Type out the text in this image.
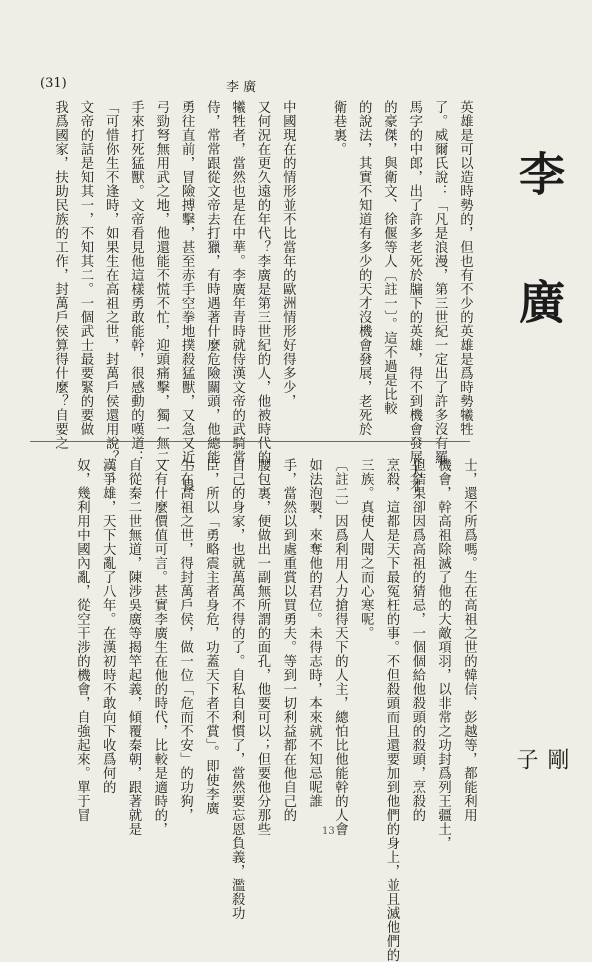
(31)	李 廣
李 廣
剛 子
英雄是可以造時勢的，但也有不少的英雄是爲時勢犧牲
了。威爾氏說：「凡是浪漫，第三世紀一定出了許多沒有羅
馬字的中郎，出了許多老死於牖下的英雄，得不到機會發展天才
的豪傑，與衛文、徐偃等人〔註一〕。這不過是比較
的說法，其實不知道有多少的天才沒機會發展，老死於
衛巷裏。
中國現在的情形並不比當年的歐洲情形好得多少，
又何況在更久遠的年代？李廣是第三世紀的人，他被時代的
犧牲者，當然也是在中華。李廣年青時就侍漢文帝的武騎常
侍，常常跟從文帝去打獵，有時遇著什麼危險關頭，他總能
勇往直前，冒險搏擊，甚至赤手空拳地撲殺猛獸，又急又近，良
弓勁弩無用武之地，他還能不慌不忙，迎頭痛擊，獨一無二
手來打死猛獸。文帝看見他這樣勇敢能幹，很感動的嘆道：
「可惜你生不逢時，如果生在高祖之世，封萬戶侯還用說？」
文帝的話是知其一，不知其二。一個武士最要緊的要做
我爲國家，扶助民族的工作，封萬戶侯算得什麼？自要之
士，還不所爲嗎。生在高祖之世的韓信、彭越等，都能利用
機會，幹高祖除滅了他的大敵項羽，以非常之功封爲列王疆土，
但結果卻因爲高祖的猜忌，一個個給他殺頭的殺頭，烹殺的
烹殺，這都是天下最冤枉的事。不但殺頭而且還要加到他們的身上，並且滅他們的
三族。真使人聞之而心寒呢。
〔註二〕因爲利用人力搶得天下的人主，總怕比他能幹的人會
如法泡製，來奪他的君位。未得志時，本來就不知忌呢誰
手，當然以到處重賞以買勇夫。等到一切利益都在他自己的
腰包裏，便做出一副無所謂的面孔，他要可以；但要他分那些
自己的身家，也就萬萬不得的了。自私自利慣了，當然要忘恩負義，濫殺功
臣，所以「勇略震主者身危，功蓋天下者不賞」。即使李廣
生在高祖之世，得封萬戶侯，做一位「危而不安」的功狗，
又有什麼價值可言。甚實李廣生在他的時代，比較是適時的，
自從秦二世無道，陳涉吳廣等揭竿起義，傾覆秦朝，跟著就是
漢爭雄，天下大亂了八年。在漢初時不敢向下收爲何的
奴，幾利用中國內亂，從空干涉的機會，自強起來。單于冒
13
